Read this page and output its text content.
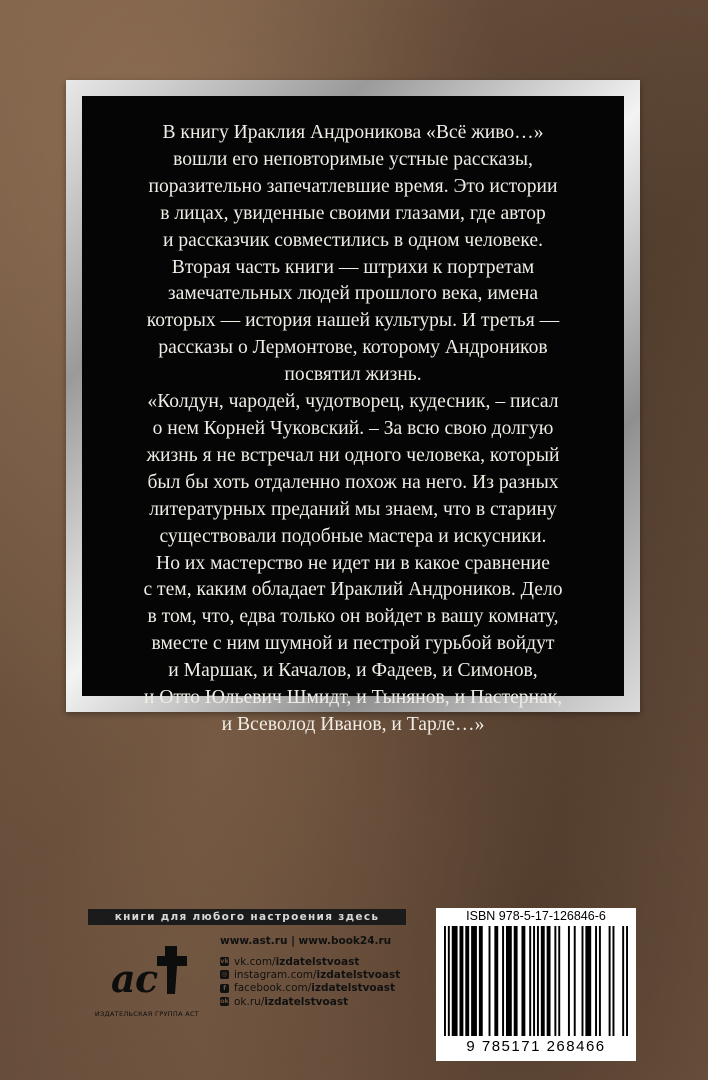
В книгу Ираклия Андроникова «Всё живо…»
вошли его неповторимые устные рассказы,
поразительно запечатлевшие время. Это истории
в лицах, увиденные своими глазами, где автор
и рассказчик совместились в одном человеке.
Вторая часть книги — штрихи к портретам
замечательных людей прошлого века, имена
которых — история нашей культуры. И третья —
рассказы о Лермонтове, которому Андроников
посвятил жизнь.
«Колдун, чародей, чудотворец, кудесник, – писал
о нем Корней Чуковский. – За всю свою долгую
жизнь я не встречал ни одного человека, который
был бы хоть отдаленно похож на него. Из разных
литературных преданий мы знаем, что в старину
существовали подобные мастера и искусники.
Но их мастерство не идет ни в какое сравнение
с тем, каким обладает Ираклий Андроников. Дело
в том, что, едва только он войдет в вашу комнату,
вместе с ним шумной и пестрой гурьбой войдут
и Маршак, и Качалов, и Фадеев, и Симонов,
и Отто Юльевич Шмидт, и Тынянов, и Пастернак,
и Всеволод Иванов, и Тарле…»
книги для любого настроения здесь
a c
ИЗДАТЕЛЬСКАЯ ГРУППА АСТ
www.ast.ru | www.book24.ru
vk vk.com/ izdatelstvoast
◎ instagram.com/ izdatelstvoast
f facebook.com/ izdatelstvoast
ok ok.ru/ izdatelstvoast
ISBN 978-5-17-126846-6
9 785171 268466
